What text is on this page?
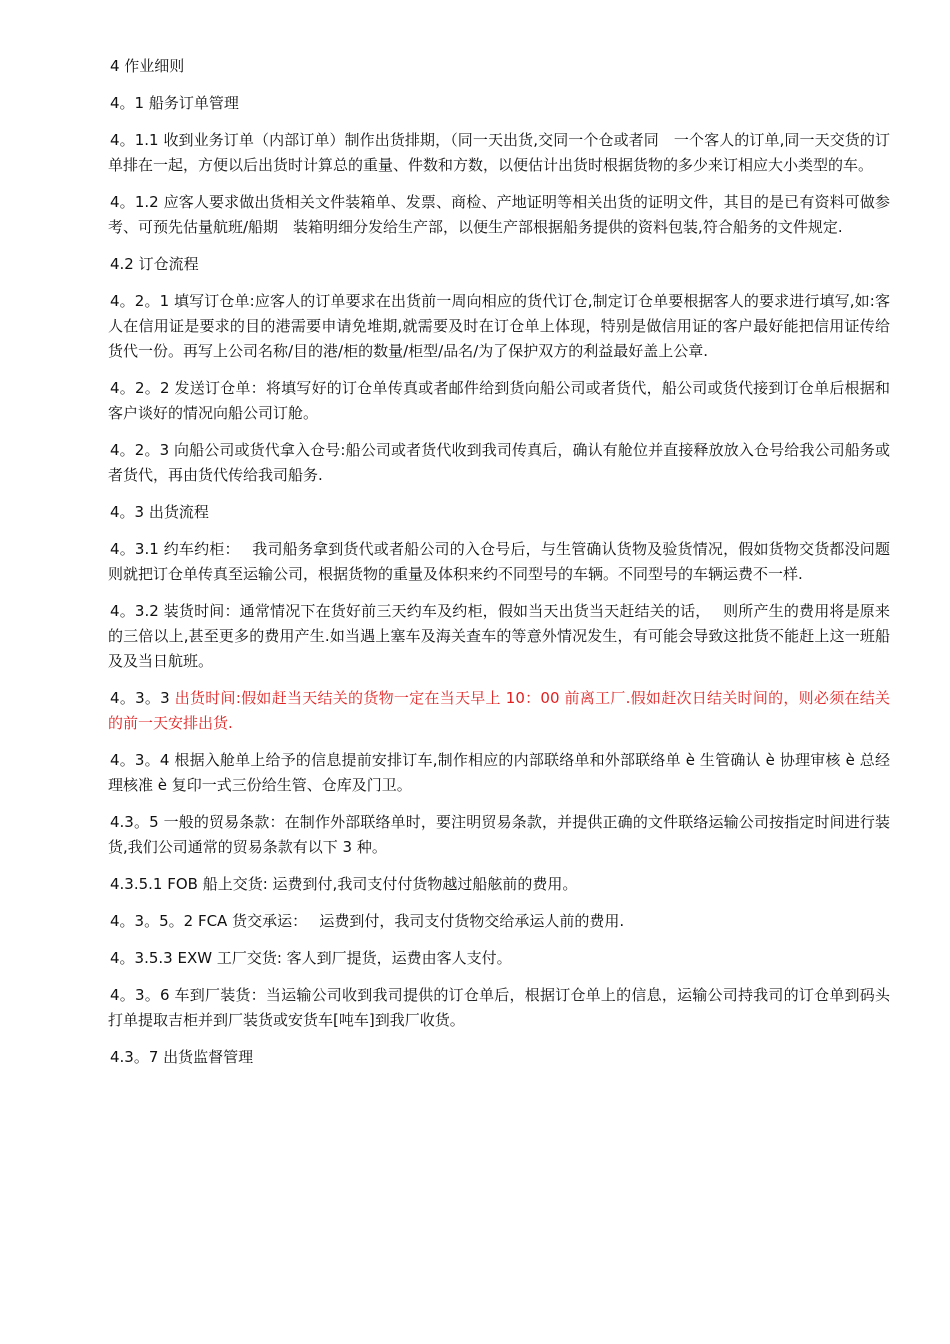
4 作业细则

4。1 船务订单管理

4。1.1 收到业务订单（内部订单）制作出货排期，（同一天出货,交同一个仓或者同　一个客人的订单,同一天交货的订单排在一起，方便以后出货时计算总的重量、件数和方数，以便估计出货时根据货物的多少来订相应大小类型的车。

4。1.2 应客人要求做出货相关文件装箱单、发票、商检、产地证明等相关出货的证明文件，其目的是已有资料可做参考、可预先估量航班/船期　装箱明细分发给生产部，以便生产部根据船务提供的资料包装,符合船务的文件规定.

4.2 订仓流程

4。2。1 填写订仓单:应客人的订单要求在出货前一周向相应的货代订仓,制定订仓单要根据客人的要求进行填写,如:客人在信用证是要求的目的港需要申请免堆期,就需要及时在订仓单上体现，特别是做信用证的客户最好能把信用证传给货代一份。再写上公司名称/目的港/柜的数量/柜型/品名/为了保护双方的利益最好盖上公章.

4。2。2 发送订仓单：将填写好的订仓单传真或者邮件给到货向船公司或者货代，船公司或货代接到订仓单后根据和客户谈好的情况向船公司订舱。

4。2。3 向船公司或货代拿入仓号:船公司或者货代收到我司传真后，确认有舱位并直接释放放入仓号给我公司船务或者货代，再由货代传给我司船务.

4。3 出货流程

4。3.1 约车约柜：　 我司船务拿到货代或者船公司的入仓号后，与生管确认货物及验货情况，假如货物交货都没问题则就把订仓单传真至运输公司，根据货物的重量及体积来约不同型号的车辆。不同型号的车辆运费不一样.

4。3.2 装货时间：通常情况下在货好前三天约车及约柜，假如当天出货当天赶结关的话，　 则所产生的费用将是原来的三倍以上,甚至更多的费用产生.如当遇上塞车及海关查车的等意外情况发生，有可能会导致这批货不能赶上这一班船及及当日航班。

4。3。3 出货时间:假如赶当天结关的货物一定在当天早上 10：00 前离工厂.假如赶次日结关时间的，则必须在结关的前一天安排出货.

4。3。4 根据入舱单上给予的信息提前安排订车,制作相应的内部联络单和外部联络单 è 生管确认 è 协理审核 è 总经理核准 è 复印一式三份给生管、仓库及门卫。

4.3。5 一般的贸易条款：在制作外部联络单时，要注明贸易条款，并提供正确的文件联络运输公司按指定时间进行装货,我们公司通常的贸易条款有以下 3 种。

4.3.5.1 FOB 船上交货: 运费到付,我司支付付货物越过船舷前的费用。

4。3。5。2 FCA 货交承运：　 运费到付，我司支付货物交给承运人前的费用.

4。3.5.3 EXW 工厂交货: 客人到厂提货，运费由客人支付。

4。3。6 车到厂装货：当运输公司收到我司提供的订仓单后，根据订仓单上的信息，运输公司持我司的订仓单到码头打单提取吉柜并到厂装货或安货车[吨车]到我厂收货。

4.3。7 出货监督管理
